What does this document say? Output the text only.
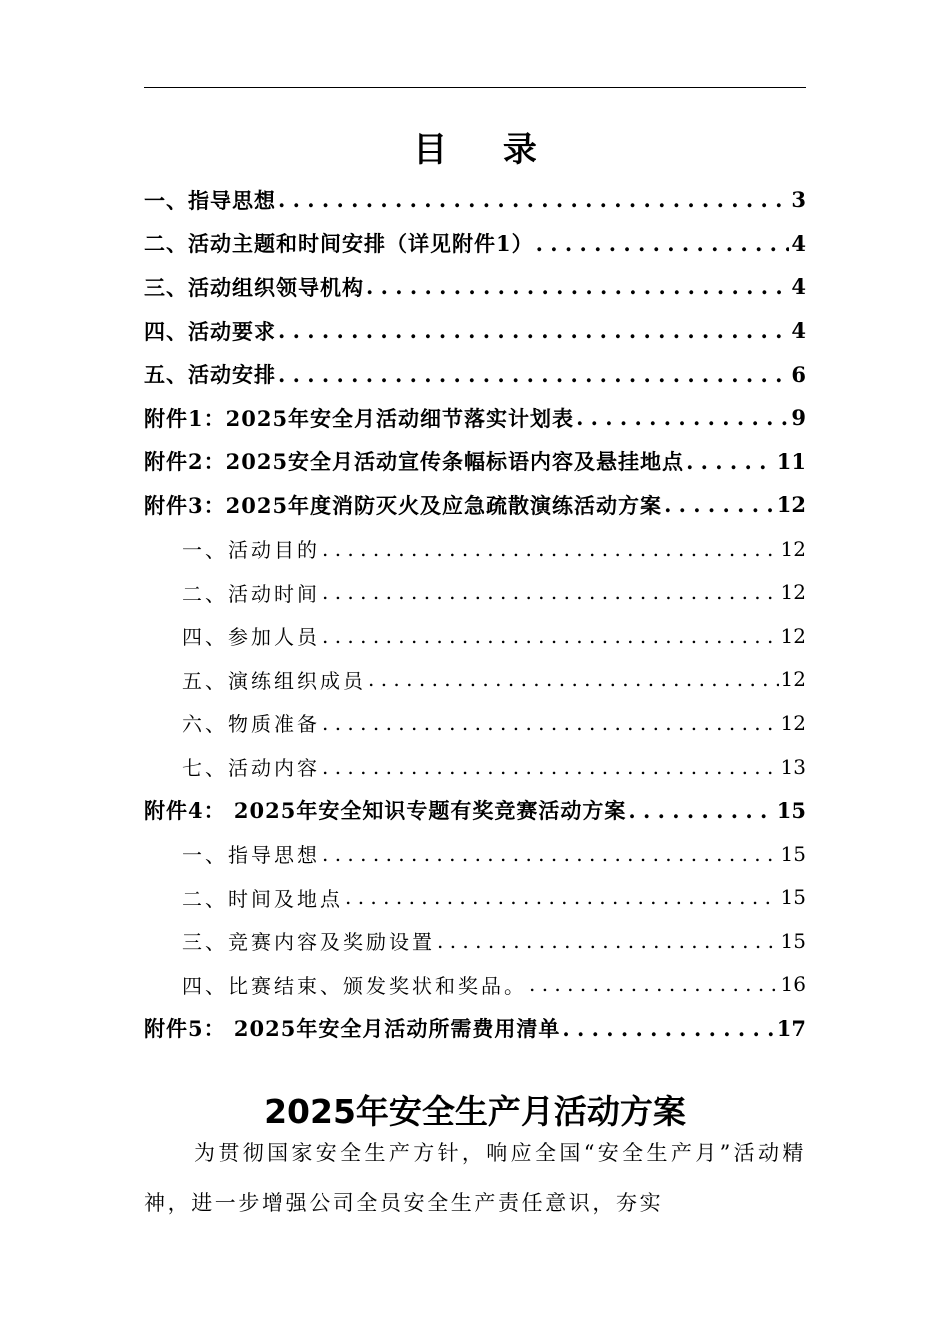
目 录
一、指导思想 . . .	3
二、活动主题和时间安排（详见附件1） . . .	4
三、活动组织领导机构 . . .	4
四、活动要求 . . .	4
五、活动安排 . . .	6
附件1：2025年安全月活动细节落实计划表 . . .	9
附件2：2025安全月活动宣传条幅标语内容及悬挂地点 . . .	11
附件3：2025年度消防灭火及应急疏散演练活动方案 . . .	12
一、活动目的 . . .	12
二、活动时间 . . .	12
四、参加人员 . . .	12
五、演练组织成员 . . .	12
六、物质准备 . . .	12
七、活动内容 . . .	13
附件4： 2025年安全知识专题有奖竞赛活动方案 . . .	15
一、指导思想 . . .	15
二、时间及地点 . . .	15
三、竞赛内容及奖励设置 . . .	15
四、比赛结束、颁发奖状和奖品。 . . .	16
附件5： 2025年安全月活动所需费用清单 . . .	17
2025年安全生产月活动方案

为贯彻国家安全生产方针，响应全国“安全生产月”活动精神，进一步增强公司全员安全生产责任意识，夯实
